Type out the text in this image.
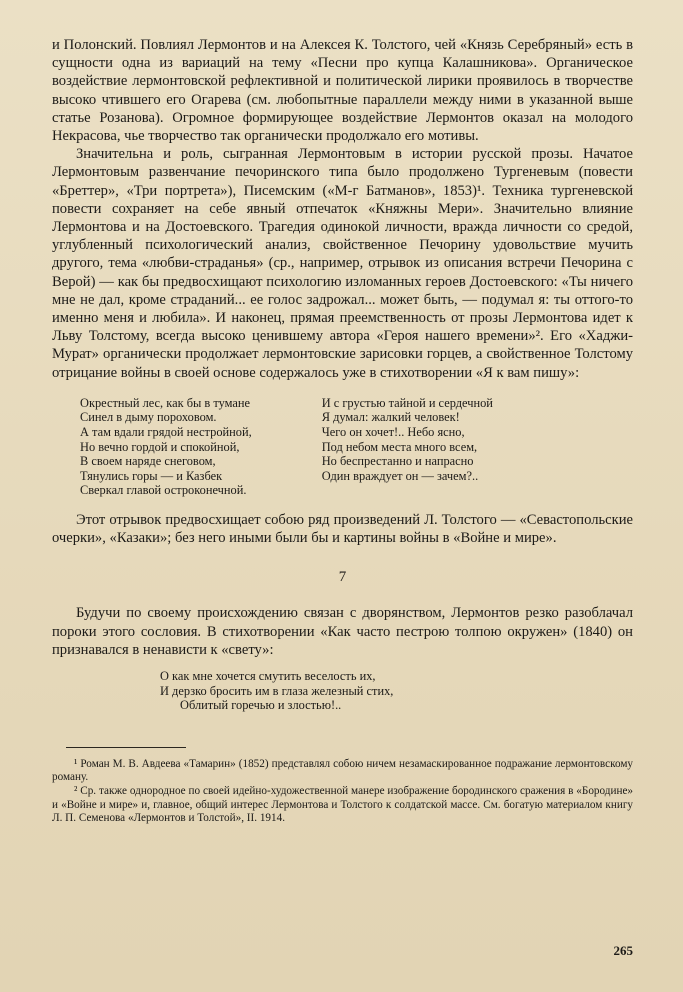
и Полонский. Повлиял Лермонтов и на Алексея К. Толстого, чей «Князь Серебряный» есть в сущности одна из вариаций на тему «Песни про купца Калашникова». Органическое воздействие лермонтовской рефлективной и политической лирики проявилось в творчестве высоко чтившего его Огарева (см. любопытные параллели между ними в указанной выше статье Розанова). Огромное формирующее воздействие Лермонтов оказал на молодого Некрасова, чье творчество так органически продолжало его мотивы.

Значительна и роль, сыгранная Лермонтовым в истории русской прозы. Начатое Лермонтовым развенчание печоринского типа было продолжено Тургеневым (повести «Бреттер», «Три портрета»), Писемским («М-г Батманов», 1853)¹. Техника тургеневской повести сохраняет на себе явный отпечаток «Княжны Мери». Значительно влияние Лермонтова и на Достоевского. Трагедия одинокой личности, вражда личности со средой, углубленный психологический анализ, свойственное Печорину удовольствие мучить другого, тема «любви-страданья» (ср., например, отрывок из описания встречи Печорина с Верой) — как бы предвосхищают психологию изломанных героев Достоевского: «Ты ничего мне не дал, кроме страданий... ее голос задрожал... может быть, — подумал я: ты оттого-то именно меня и любила». И наконец, прямая преемственность от прозы Лермонтова идет к Льву Толстому, всегда высоко ценившему автора «Героя нашего времени»². Его «Хаджи-Мурат» органически продолжает лермонтовские зарисовки горцев, а свойственное Толстому отрицание войны в своей основе содержалось уже в стихотворении «Я к вам пишу»:

Окрестный лес, как бы в тумане
Синел в дыму пороховом.
А там вдали грядой нестройной,
Но вечно гордой и спокойной,
В своем наряде снеговом,
Тянулись горы — и Казбек
Сверкал главой остроконечной.
И с грустью тайной и сердечной
Я думал: жалкий человек!
Чего он хочет!.. Небо ясно,
Под небом места много всем,
Но беспрестанно и напрасно
Один враждует он — зачем?..

Этот отрывок предвосхищает собою ряд произведений Л. Толстого — «Севастопольские очерки», «Казаки»; без него иными были бы и картины войны в «Войне и мире».

7

Будучи по своему происхождению связан с дворянством, Лермонтов резко разоблачал пороки этого сословия. В стихотворении «Как часто пестрою толпою окружен» (1840) он признавался в ненависти к «свету»:

О как мне хочется смутить веселость их,
И дерзко бросить им в глаза железный стих,
Облитый горечью и злостью!..

¹ Роман М. В. Авдеева «Тамарин» (1852) представлял собою ничем незамаскированное подражание лермонтовскому роману.

² Ср. также однородное по своей идейно-художественной манере изображение бородинского сражения в «Бородине» и «Войне и мире» и, главное, общий интерес Лермонтова и Толстого к солдатской массе. См. богатую материалом книгу Л. П. Семенова «Лермонтов и Толстой», II. 1914.

265
